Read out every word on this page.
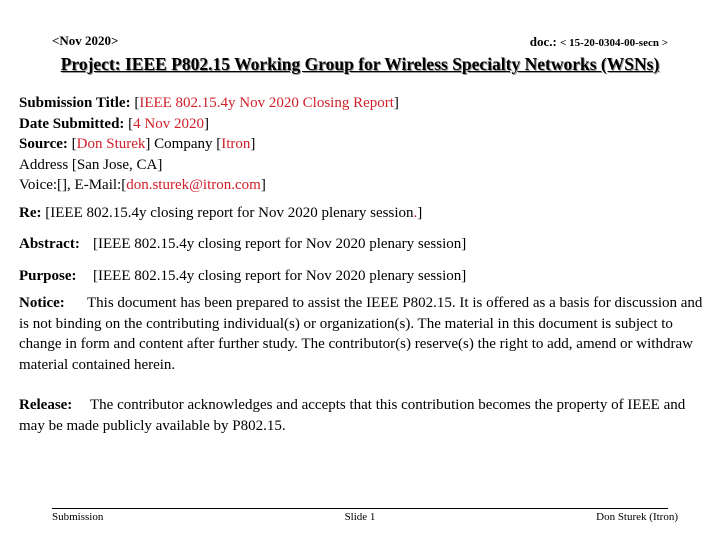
<Nov 2020>	doc.: < 15-20-0304-00-secn >
Project: IEEE P802.15 Working Group for Wireless Specialty Networks (WSNs)
Submission Title: [IEEE 802.15.4y Nov 2020 Closing Report]
Date Submitted: [4 Nov 2020]
Source: [Don Sturek] Company [Itron]
Address [San Jose, CA]
Voice:[], E-Mail:[don.sturek@itron.com]
Re: [IEEE 802.15.4y closing report for Nov 2020 plenary session.]
Abstract: [IEEE 802.15.4y closing report for Nov 2020 plenary session]
Purpose: [IEEE 802.15.4y closing report for Nov 2020 plenary session]
Notice: This document has been prepared to assist the IEEE P802.15. It is offered as a basis for discussion and is not binding on the contributing individual(s) or organization(s). The material in this document is subject to change in form and content after further study. The contributor(s) reserve(s) the right to add, amend or withdraw material contained herein.
Release: The contributor acknowledges and accepts that this contribution becomes the property of IEEE and may be made publicly available by P802.15.
Submission	Slide 1	Don Sturek (Itron)
